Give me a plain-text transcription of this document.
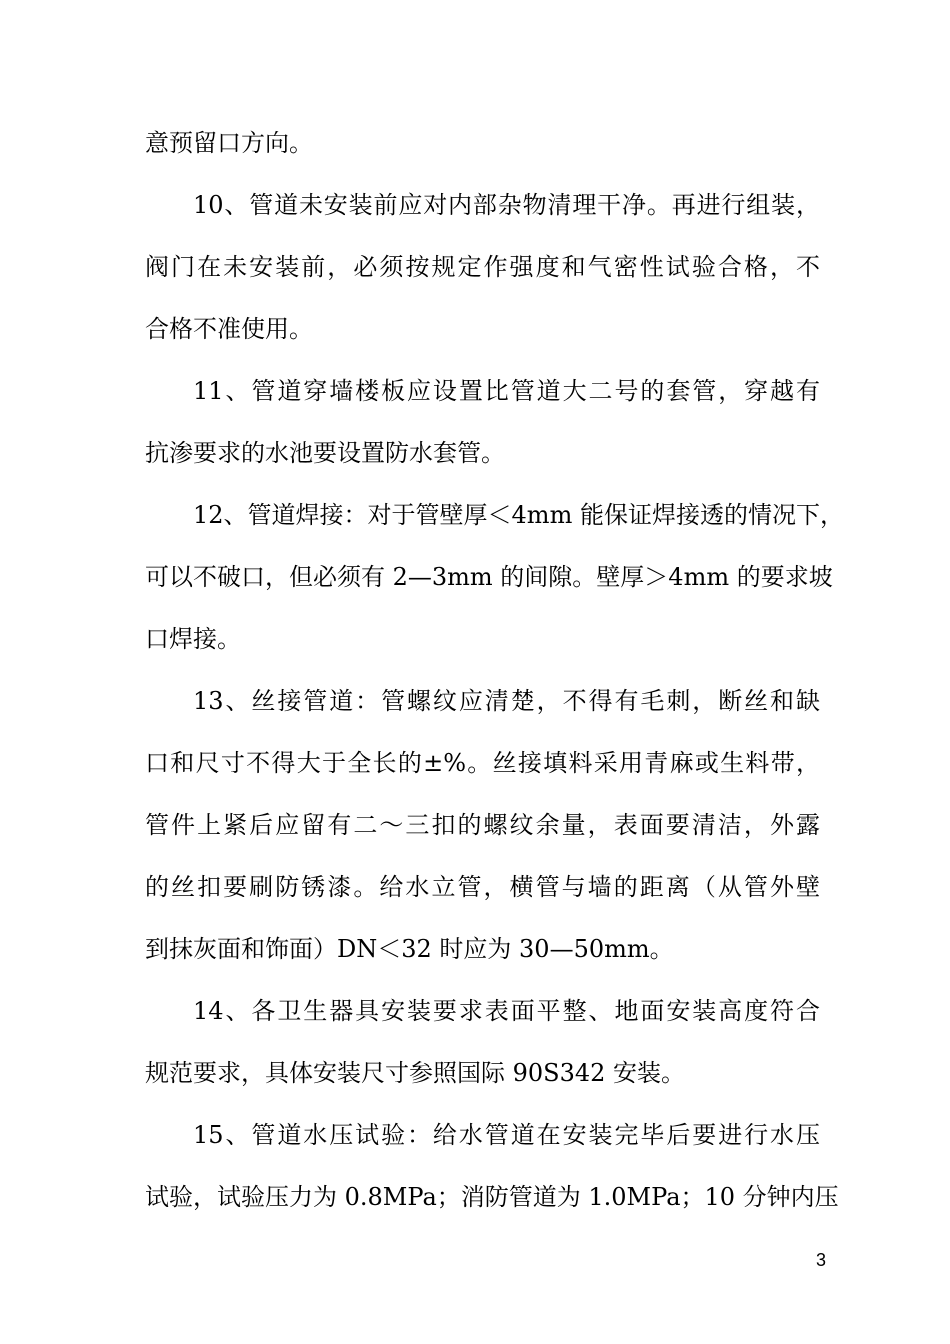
意预留口方向。
10、管道未安装前应对内部杂物清理干净。再进行组装，
阀门在未安装前，必须按规定作强度和气密性试验合格，不
合格不准使用。
11、管道穿墙楼板应设置比管道大二号的套管，穿越有
抗渗要求的水池要设置防水套管。
12、管道焊接：对于管壁厚＜4mm 能保证焊接透的情况下，
可以不破口，但必须有 2—3mm 的间隙。壁厚＞4mm 的要求坡
口焊接。
13、丝接管道：管螺纹应清楚，不得有毛刺，断丝和缺
口和尺寸不得大于全长的±%。丝接填料采用青麻或生料带，
管件上紧后应留有二～三扣的螺纹余量，表面要清洁，外露
的丝扣要刷防锈漆。给水立管，横管与墙的距离（从管外壁
到抹灰面和饰面）DN＜32 时应为 30—50mm。
14、各卫生器具安装要求表面平整、地面安装高度符合
规范要求，具体安装尺寸参照国际 90S342 安装。
15、管道水压试验：给水管道在安装完毕后要进行水压
试验，试验压力为 0.8MPa；消防管道为 1.0MPa；10 分钟内压
3
